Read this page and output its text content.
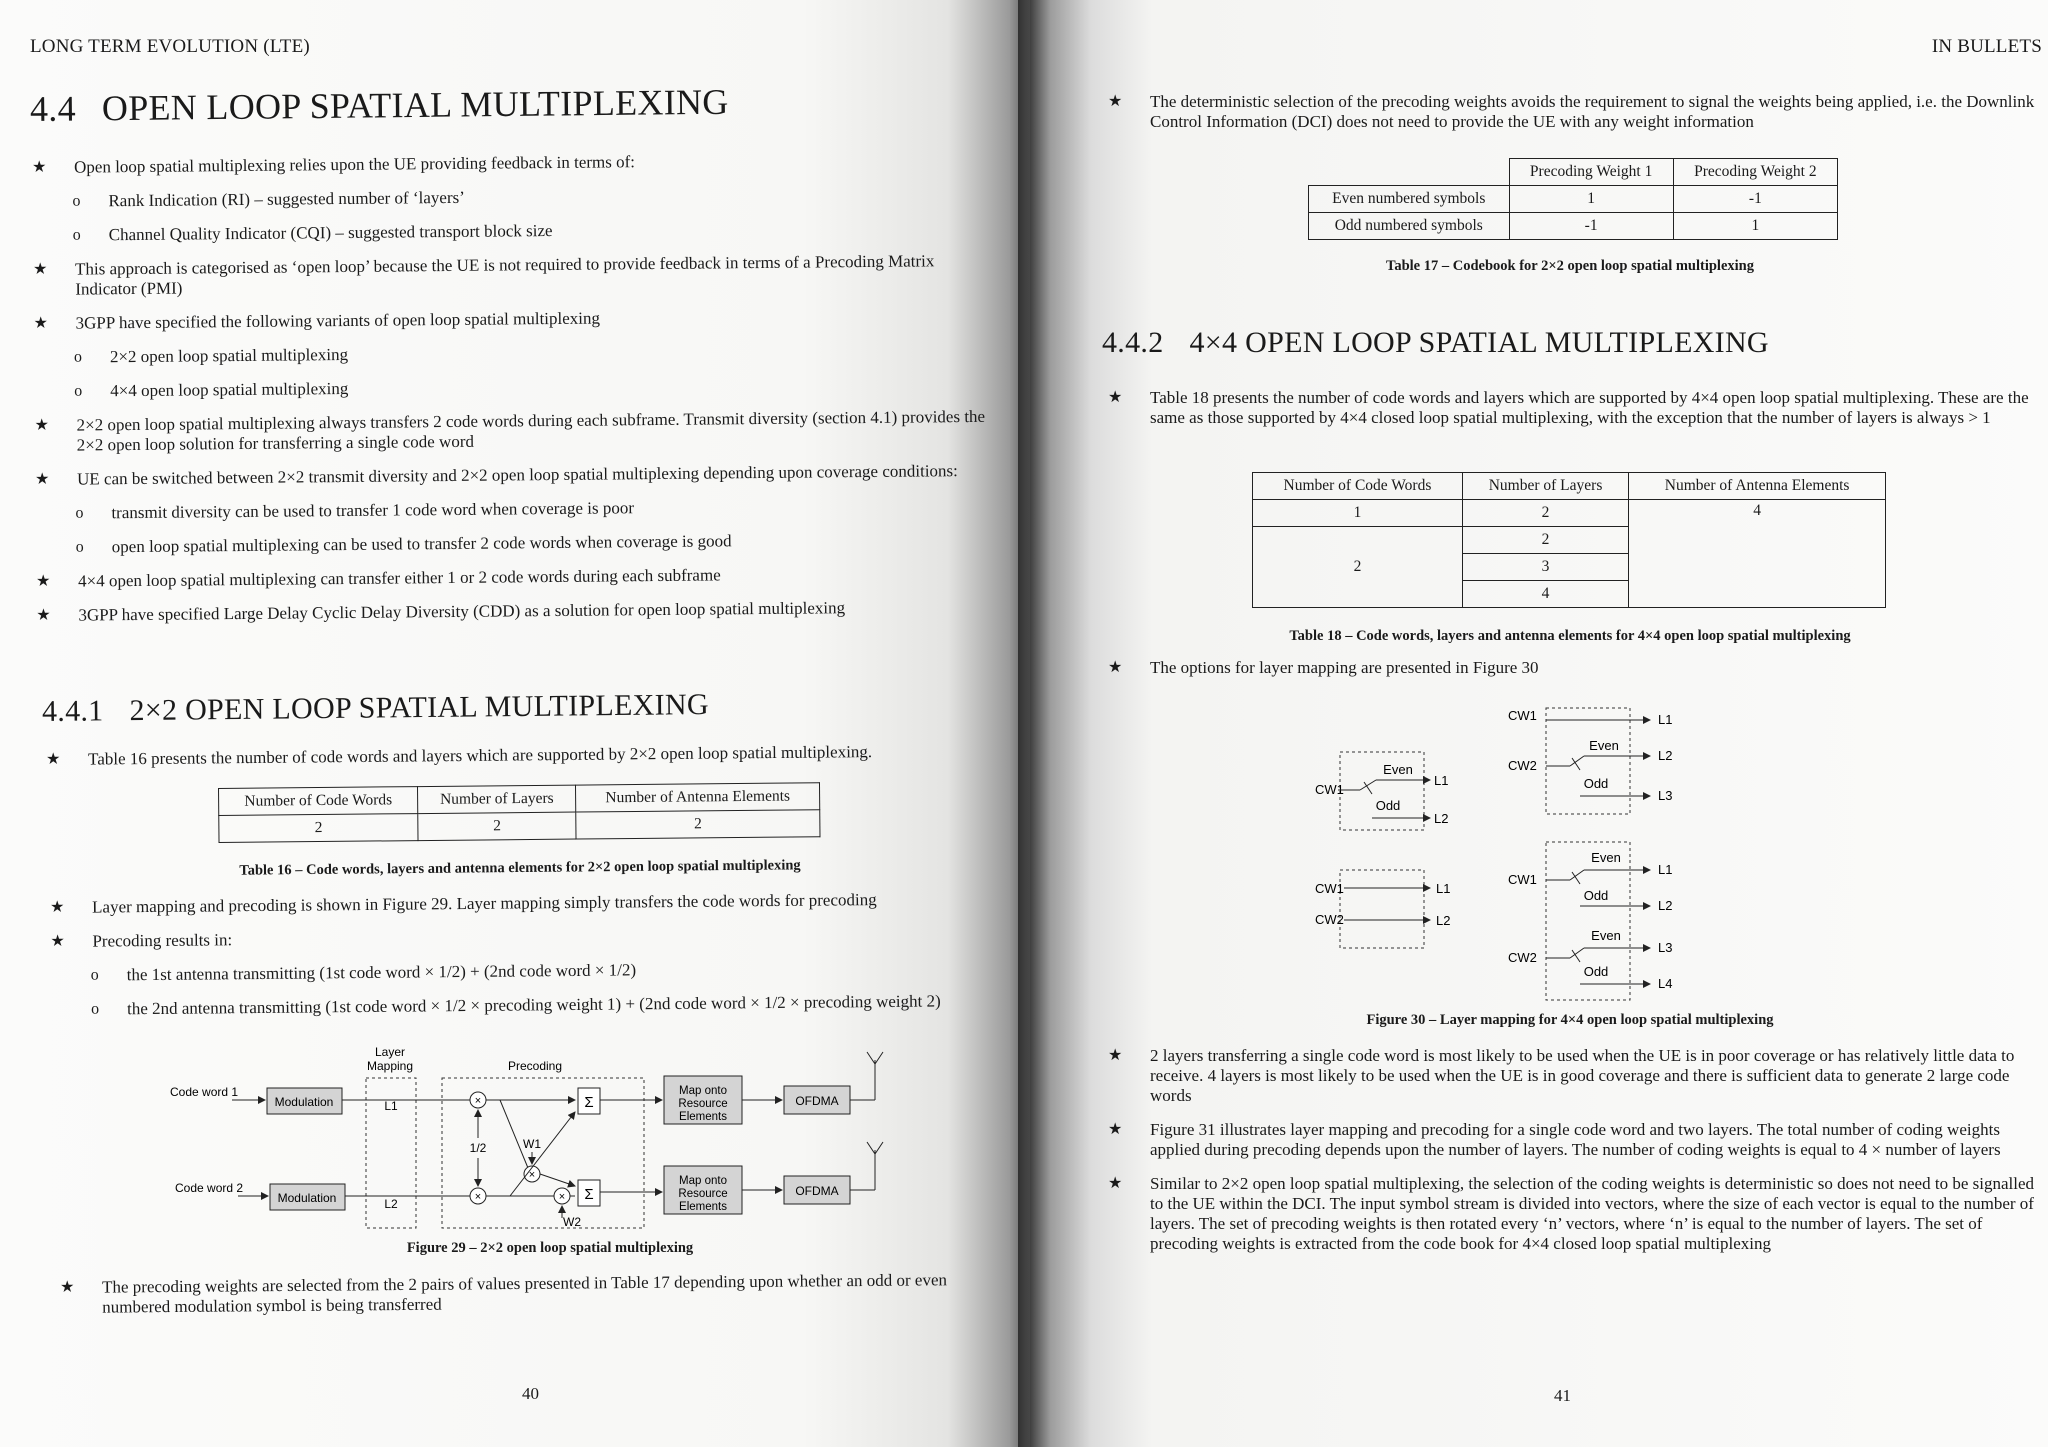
LONG TERM EVOLUTION (LTE)
4.4 OPEN LOOP SPATIAL MULTIPLEXING
★ Open loop spatial multiplexing relies upon the UE providing feedback in terms of:
o Rank Indication (RI) – suggested number of ‘layers’
o Channel Quality Indicator (CQI) – suggested transport block size
★ This approach is categorised as ‘open loop’ because the UE is not required to provide feedback in terms of a Precoding Matrix Indicator (PMI)
★ 3GPP have specified the following variants of open loop spatial multiplexing
o 2×2 open loop spatial multiplexing
o 4×4 open loop spatial multiplexing
★ 2×2 open loop spatial multiplexing always transfers 2 code words during each subframe. Transmit diversity (section 4.1) provides the 2×2 open loop solution for transferring a single code word
★ UE can be switched between 2×2 transmit diversity and 2×2 open loop spatial multiplexing depending upon coverage conditions:
o transmit diversity can be used to transfer 1 code word when coverage is poor
o open loop spatial multiplexing can be used to transfer 2 code words when coverage is good
★ 4×4 open loop spatial multiplexing can transfer either 1 or 2 code words during each subframe
★ 3GPP have specified Large Delay Cyclic Delay Diversity (CDD) as a solution for open loop spatial multiplexing
4.4.1 2×2 OPEN LOOP SPATIAL MULTIPLEXING
★ Table 16 presents the number of code words and layers which are supported by 2×2 open loop spatial multiplexing.
Number of Code Words	Number of Layers	Number of Antenna Elements
2	2	2
Table 16 – Code words, layers and antenna elements for 2×2 open loop spatial multiplexing
★ Layer mapping and precoding is shown in Figure 29. Layer mapping simply transfers the code words for precoding
★ Precoding results in:
o the 1st antenna transmitting (1st code word × 1/2) + (2nd code word × 1/2)
o the 2nd antenna transmitting (1st code word × 1/2 × precoding weight 1) + (2nd code word × 1/2 × precoding weight 2)
Layer
Mapping	Precoding
Code word 1
Code word 2
Modulation
Modulation
L1
L2
×
×
1/2
×
W1
×
W2
Σ
Σ
Map onto
Resource
Elements
Map onto
Resource
Elements
OFDMA
OFDMA
Figure 29 – 2×2 open loop spatial multiplexing
★ The precoding weights are selected from the 2 pairs of values presented in Table 17 depending upon whether an odd or even numbered modulation symbol is being transferred
40
IN BULLETS
★ The deterministic selection of the precoding weights avoids the requirement to signal the weights being applied, i.e. the Downlink Control Information (DCI) does not need to provide the UE with any weight information
	Precoding Weight 1	Precoding Weight 2
Even numbered symbols	1	-1
Odd numbered symbols	-1	1
Table 17 – Codebook for 2×2 open loop spatial multiplexing
4.4.2 4×4 OPEN LOOP SPATIAL MULTIPLEXING
★ Table 18 presents the number of code words and layers which are supported by 4×4 open loop spatial multiplexing. These are the same as those supported by 4×4 closed loop spatial multiplexing, with the exception that the number of layers is always > 1
Number of Code Words	Number of Layers	Number of Antenna Elements
1	2	4
2	2	
	3	
	4	
Table 18 – Code words, layers and antenna elements for 4×4 open loop spatial multiplexing
★ The options for layer mapping are presented in Figure 30
CW1
Even
Odd
L1
L2
CW1
CW2
L1
L2
CW1
CW2
Even
Odd
L1
L2
L3
CW1
CW2
Even
Odd
Even
Odd
L1
L2
L3
L4
Figure 30 – Layer mapping for 4×4 open loop spatial multiplexing
★ 2 layers transferring a single code word is most likely to be used when the UE is in poor coverage or has relatively little data to receive. 4 layers is most likely to be used when the UE is in good coverage and there is sufficient data to generate 2 large code words
★ Figure 31 illustrates layer mapping and precoding for a single code word and two layers. The total number of coding weights applied during precoding depends upon the number of layers. The number of coding weights is equal to 4 × number of layers
★ Similar to 2×2 open loop spatial multiplexing, the selection of the coding weights is deterministic so does not need to be signalled to the UE within the DCI. The input symbol stream is divided into vectors, where the size of each vector is equal to the number of layers. The set of precoding weights is then rotated every ‘n’ vectors, where ‘n’ is equal to the number of layers. The set of precoding weights is extracted from the code book for 4×4 closed loop spatial multiplexing
41
